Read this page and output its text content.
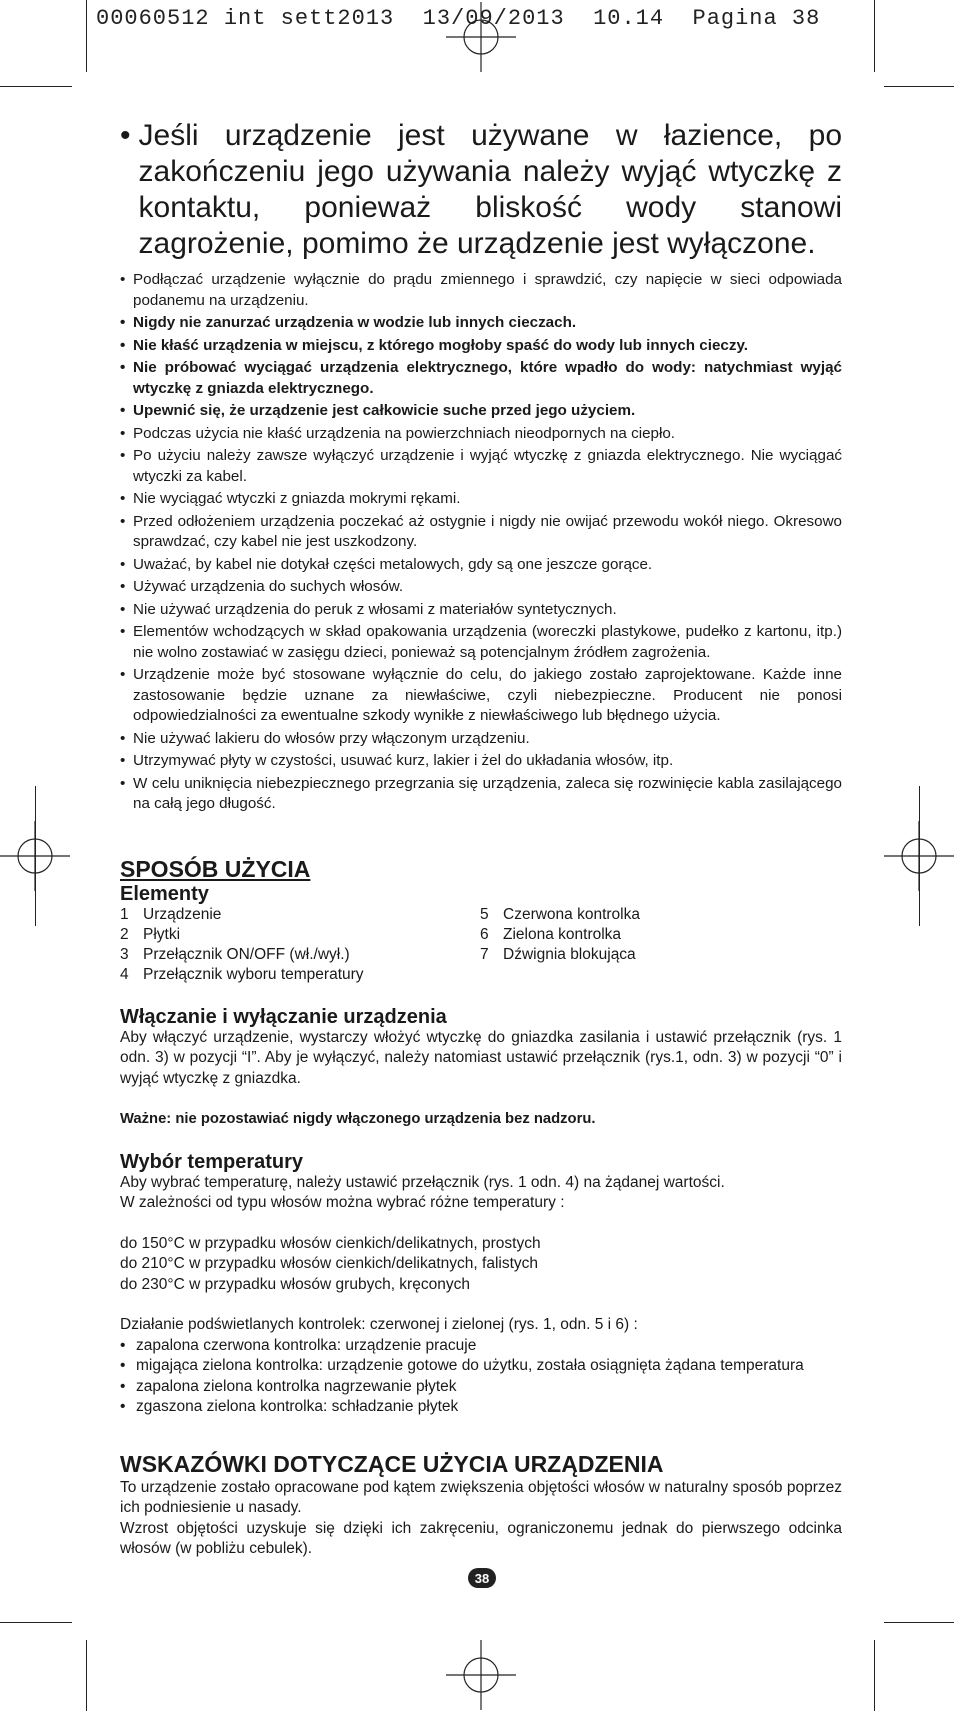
00060512 int sett2013  13/09/2013  10.14  Pagina 38
• Jeśli urządzenie jest używane w łazience, po zakończeniu jego używania należy wyjąć wtyczkę z kontaktu, ponieważ bliskość wody stanowi zagrożenie, pomimo że urządzenie jest wyłączone.
• Podłączać urządzenie wyłącznie do prądu zmiennego i sprawdzić, czy napięcie w sieci odpowiada podanemu na urządzeniu.
• Nigdy nie zanurzać urządzenia w wodzie lub innych cieczach.
• Nie kłaść urządzenia w miejscu, z którego mogłoby spaść do wody lub innych cieczy.
• Nie próbować wyciągać urządzenia elektrycznego, które wpadło do wody: natychmiast wyjąć wtyczkę z gniazda elektrycznego.
• Upewnić się, że urządzenie jest całkowicie suche przed jego użyciem.
• Podczas użycia nie kłaść urządzenia na powierzchniach nieodpornych na ciepło.
• Po użyciu należy zawsze wyłączyć urządzenie i wyjąć wtyczkę z gniazda elektrycznego. Nie wyciągać wtyczki za kabel.
• Nie wyciągać wtyczki z gniazda mokrymi rękami.
• Przed odłożeniem urządzenia poczekać aż ostygnie i nigdy nie owijać przewodu wokół niego. Okresowo sprawdzać, czy kabel nie jest uszkodzony.
• Uważać, by kabel nie dotykał części metalowych, gdy są one jeszcze gorące.
• Używać urządzenia do suchych włosów.
• Nie używać urządzenia do peruk z włosami z materiałów syntetycznych.
• Elementów wchodzących w skład opakowania urządzenia (woreczki plastykowe, pudełko z kartonu, itp.) nie wolno zostawiać w zasięgu dzieci, ponieważ są potencjalnym źródłem zagrożenia.
• Urządzenie może być stosowane wyłącznie do celu, do jakiego zostało zaprojektowane. Każde inne zastosowanie będzie uznane za niewłaściwe, czyli niebezpieczne. Producent nie ponosi odpowiedzialności za ewentualne szkody wynikłe z niewłaściwego lub błędnego użycia.
• Nie używać lakieru do włosów przy włączonym urządzeniu.
• Utrzymywać płyty w czystości, usuwać kurz, lakier i żel do układania włosów, itp.
• W celu uniknięcia niebezpiecznego przegrzania się urządzenia, zaleca się rozwinięcie kabla zasilającego na całą jego długość.
SPOSÓB UŻYCIA
Elementy
1 Urządzenie
2 Płytki
3 Przełącznik ON/OFF (wł./wył.)
4 Przełącznik wyboru temperatury
5 Czerwona kontrolka
6 Zielona kontrolka
7 Dźwignia blokująca
Włączanie i wyłączanie urządzenia

Aby włączyć urządzenie, wystarczy włożyć wtyczkę do gniazdka zasilania i ustawić przełącznik (rys. 1 odn. 3) w pozycji “I”. Aby je wyłączyć, należy natomiast ustawić przełącznik (rys.1, odn. 3) w pozycji “0” i wyjąć wtyczkę z gniazdka.

Ważne: nie pozostawiać nigdy włączonego urządzenia bez nadzoru.

Wybór temperatury

Aby wybrać temperaturę, należy ustawić przełącznik (rys. 1 odn. 4) na żądanej wartości.

W zależności od typu włosów można wybrać różne temperatury :

do 150°C w przypadku włosów cienkich/delikatnych, prostych

do 210°C w przypadku włosów cienkich/delikatnych, falistych

do 230°C w przypadku włosów grubych, kręconych

Działanie podświetlanych kontrolek: czerwonej i zielonej (rys. 1, odn. 5 i 6) :

• zapalona czerwona kontrolka: urządzenie pracuje
• migająca zielona kontrolka: urządzenie gotowe do użytku, została osiągnięta żądana temperatura
• zapalona zielona kontrolka nagrzewanie płytek
• zgaszona zielona kontrolka: schładzanie płytek
WSKAZÓWKI DOTYCZĄCE UŻYCIA URZĄDZENIA

To urządzenie zostało opracowane pod kątem zwiększenia objętości włosów w naturalny sposób poprzez ich podniesienie u nasady.

Wzrost objętości uzyskuje się dzięki ich zakręceniu, ograniczonemu jednak do pierwszego odcinka włosów (w pobliżu cebulek).

38
